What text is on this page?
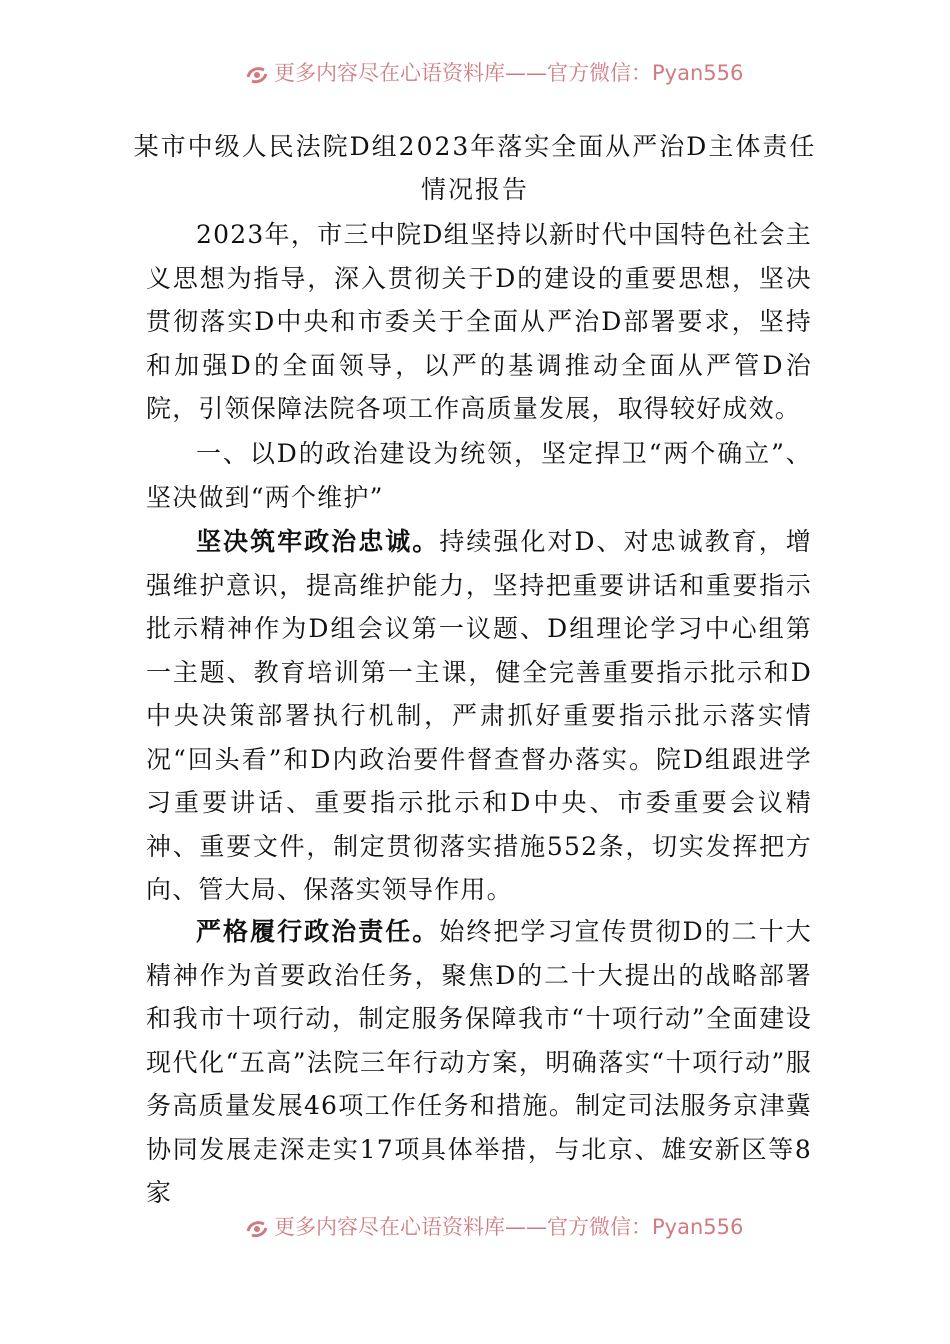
更多内容尽在心语资料库——官方微信：Pyan556
某市中级人民法院D组2023年落实全面从严治D主体责任
情况报告

2023年，市三中院D组坚持以新时代中国特色社会主义思想为指导，深入贯彻关于D的建设的重要思想，坚决贯彻落实D中央和市委关于全面从严治D部署要求，坚持和加强D的全面领导，以严的基调推动全面从严管D治院，引领保障法院各项工作高质量发展，取得较好成效。

一、以D的政治建设为统领，坚定捍卫“两个确立”、坚决做到“两个维护”

坚决筑牢政治忠诚。持续强化对D、对忠诚教育，增强维护意识，提高维护能力，坚持把重要讲话和重要指示批示精神作为D组会议第一议题、D组理论学习中心组第一主题、教育培训第一主课，健全完善重要指示批示和D中央决策部署执行机制，严肃抓好重要指示批示落实情况“回头看”和D内政治要件督查督办落实。院D组跟进学习重要讲话、重要指示批示和D中央、市委重要会议精神、重要文件，制定贯彻落实措施552条，切实发挥把方向、管大局、保落实领导作用。

严格履行政治责任。始终把学习宣传贯彻D的二十大精神作为首要政治任务，聚焦D的二十大提出的战略部署和我市十项行动，制定服务保障我市“十项行动”全面建设现代化“五高”法院三年行动方案，明确落实“十项行动”服务高质量发展46项工作任务和措施。制定司法服务京津冀协同发展走深走实17项具体举措，与北京、雄安新区等8家

更多内容尽在心语资料库——官方微信：Pyan556
